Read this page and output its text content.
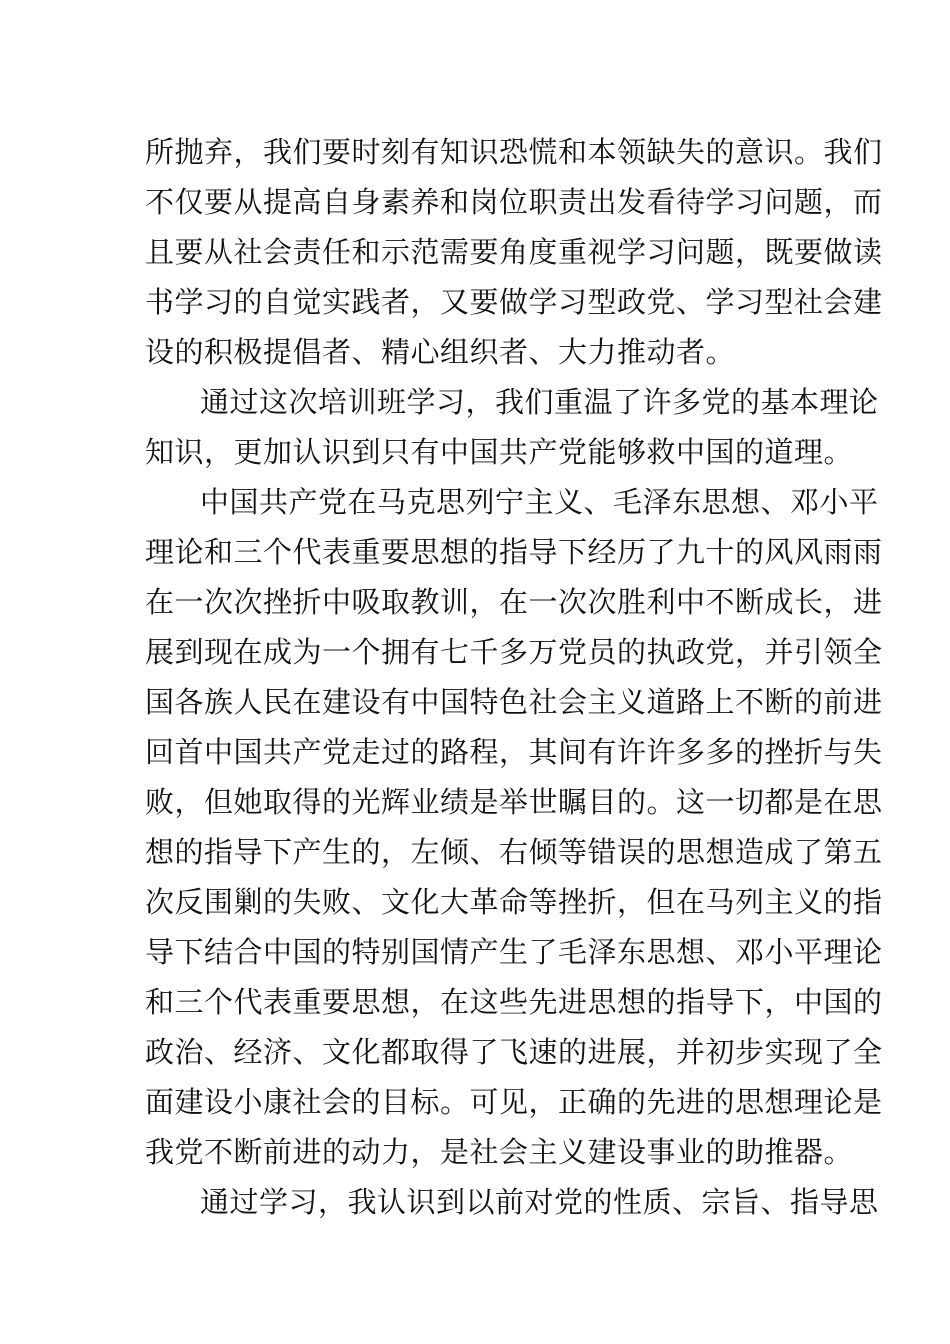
所抛弃，我们要时刻有知识恐慌和本领缺失的意识。我们
不仅要从提高自身素养和岗位职责出发看待学习问题，而
且要从社会责任和示范需要角度重视学习问题，既要做读
书学习的自觉实践者，又要做学习型政党、学习型社会建
设的积极提倡者、精心组织者、大力推动者。
通过这次培训班学习，我们重温了许多党的基本理论
知识，更加认识到只有中国共产党能够救中国的道理。
中国共产党在马克思列宁主义、毛泽东思想、邓小平
理论和三个代表重要思想的指导下经历了九十的风风雨雨
在一次次挫折中吸取教训，在一次次胜利中不断成长，进
展到现在成为一个拥有七千多万党员的执政党，并引领全
国各族人民在建设有中国特色社会主义道路上不断的前进
回首中国共产党走过的路程，其间有许许多多的挫折与失
败，但她取得的光辉业绩是举世瞩目的。这一切都是在思
想的指导下产生的，左倾、右倾等错误的思想造成了第五
次反围剿的失败、文化大革命等挫折，但在马列主义的指
导下结合中国的特别国情产生了毛泽东思想、邓小平理论
和三个代表重要思想，在这些先进思想的指导下，中国的
政治、经济、文化都取得了飞速的进展，并初步实现了全
面建设小康社会的目标。可见，正确的先进的思想理论是
我党不断前进的动力，是社会主义建设事业的助推器。
通过学习，我认识到以前对党的性质、宗旨、指导思
